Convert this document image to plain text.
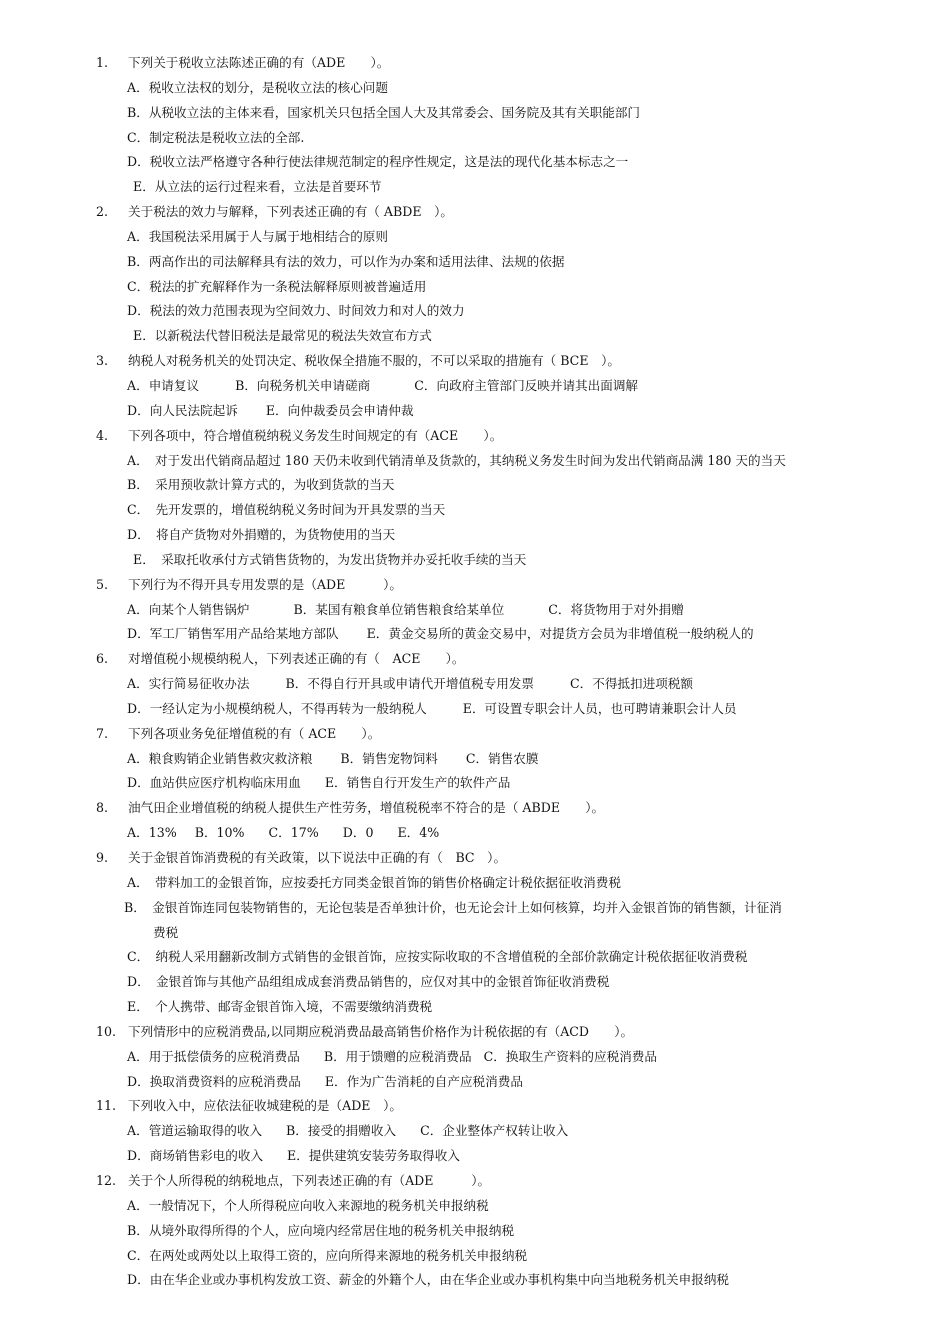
1. 下列关于税收立法陈述正确的有（ADE　　）。
A．税收立法权的划分，是税收立法的核心问题
B．从税收立法的主体来看，国家机关只包括全国人大及其常委会、国务院及其有关职能部门
C．制定税法是税收立法的全部.
D．税收立法严格遵守各种行使法律规范制定的程序性规定，这是法的现代化基本标志之一
E．从立法的运行过程来看，立法是首要环节
2. 关于税法的效力与解释，下列表述正确的有（ ABDE　）。
A．我国税法采用属于人与属于地相结合的原则
B．两高作出的司法解释具有法的效力，可以作为办案和适用法律、法规的依据
C．税法的扩充解释作为一条税法解释原则被普遍适用
D．税法的效力范围表现为空间效力、时间效力和对人的效力
E．以新税法代替旧税法是最常见的税法失效宣布方式
3. 纳税人对税务机关的处罚决定、税收保全措施不服的，不可以采取的措施有（ BCE　）。
A．申请复议	B．向税务机关申请磋商	C．向政府主管部门反映并请其出面调解
D．向人民法院起诉 E．向仲裁委员会申请仲裁
4. 下列各项中，符合增值税纳税义务发生时间规定的有（ACE　　）。
A．　对于发出代销商品超过 180 天仍未收到代销清单及货款的，其纳税义务发生时间为发出代销商品满 180 天的当天
B．　采用预收款计算方式的，为收到货款的当天
C．　先开发票的，增值税纳税义务时间为开具发票的当天
D．　将自产货物对外捐赠的，为货物使用的当天
E．　采取托收承付方式销售货物的，为发出货物并办妥托收手续的当天
5. 下列行为不得开具专用发票的是（ADE　　　）。
A．向某个人销售锅炉	B．某国有粮食单位销售粮食给某单位	C．将货物用于对外捐赠
D．军工厂销售军用产品给某地方部队 E．黄金交易所的黄金交易中，对提货方会员为非增值税一般纳税人的
6. 对增值税小规模纳税人，下列表述正确的有（　ACE　　）。
A．实行简易征收办法	B．不得自行开具或申请代开增值税专用发票	C．不得抵扣进项税额
D．一经认定为小规模纳税人，不得再转为一般纳税人	E．可设置专职会计人员，也可聘请兼职会计人员
7. 下列各项业务免征增值税的有（ ACE　　）。
A．粮食购销企业销售救灾救济粮 B．销售宠物饲料 C．销售农膜
D．血站供应医疗机构临床用血 E．销售自行开发生产的软件产品
8. 油气田企业增值税的纳税人提供生产性劳务，增值税税率不符合的是（ ABDE　　）。
A．13% B．10% C．17% D．0 E．4%
9. 关于金银首饰消费税的有关政策，以下说法中正确的有（　BC　）。
A．　带料加工的金银首饰，应按委托方同类金银首饰的销售价格确定计税依据征收消费税
B．　金银首饰连同包装物销售的，无论包装是否单独计价，也无论会计上如何核算，均并入金银首饰的销售额，计征消
费税
C．　纳税人采用翻新改制方式销售的金银首饰，应按实际收取的不含增值税的全部价款确定计税依据征收消费税
D．　金银首饰与其他产品组组成成套消费品销售的，应仅对其中的金银首饰征收消费税
E．　个人携带、邮寄金银首饰入境，不需要缴纳消费税
10. 下列情形中的应税消费品,以同期应税消费品最高销售价格作为计税依据的有（ACD　　）。
A．用于抵偿债务的应税消费品 B．用于馈赠的应税消费品 C．换取生产资料的应税消费品
D．换取消费资料的应税消费品 E．作为广告消耗的自产应税消费品
11. 下列收入中，应依法征收城建税的是（ADE　）。
A．管道运输取得的收入 B．接受的捐赠收入 C．企业整体产权转让收入
D．商场销售彩电的收入 E．提供建筑安装劳务取得收入
12. 关于个人所得税的纳税地点，下列表述正确的有（ADE　　　）。
A．一般情况下，个人所得税应向收入来源地的税务机关申报纳税
B．从境外取得所得的个人，应向境内经常居住地的税务机关申报纳税
C．在两处或两处以上取得工资的，应向所得来源地的税务机关申报纳税
D．由在华企业或办事机构发放工资、薪金的外籍个人，由在华企业或办事机构集中向当地税务机关申报纳税
